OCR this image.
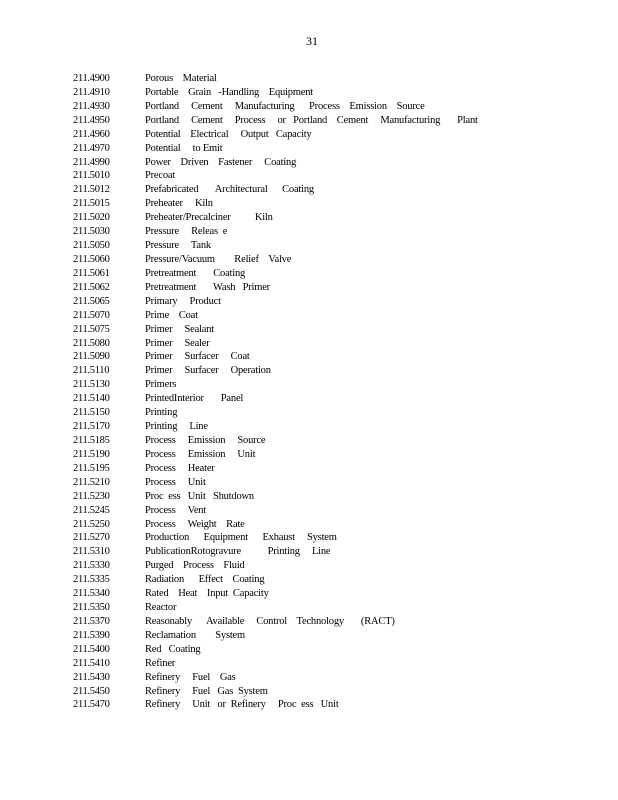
31
211.4900	Porous    Material
211.4910	Portable    Grain   -Handling    Equipment
211.4930	Portland     Cement     Manufacturing      Process    Emission    Source
211.4950	Portland     Cement     Process     or   Portland    Cement     Manufacturing       Plant
211.4960	Potential    Electrical     Output   Capacity
211.4970	Potential     to Emit
211.4990	Power    Driven    Fastener     Coating
211.5010	Precoat
211.5012	Prefabricated       Architectural      Coating
211.5015	Preheater     Kiln
211.5020	Preheater/Precalciner          Kiln
211.5030	Pressure     Releas  e
211.5050	Pressure     Tank
211.5060	Pressure/Vacuum        Relief    Valve
211.5061	Pretreatment       Coating
211.5062	Pretreatment       Wash   Primer
211.5065	Primary     Product
211.5070	Prime    Coat
211.5075	Primer     Sealant
211.5080	Primer     Sealer
211.5090	Primer     Surfacer     Coat
211.5110	Primer     Surfacer     Operation
211.5130	Primers
211.5140	PrintedInterior       Panel
211.5150	Printing
211.5170	Printing     Line
211.5185	Process     Emission     Source
211.5190	Process     Emission     Unit
211.5195	Process     Heater
211.5210	Process     Unit
211.5230	Proc  ess   Unit   Shutdown
211.5245	Process     Vent
211.5250	Process     Weight    Rate
211.5270	Production      Equipment      Exhaust     System
211.5310	PublicationRotogravure           Printing     Line
211.5330	Purged    Process    Fluid
211.5335	Radiation      Effect    Coating
211.5340	Rated    Heat    Input  Capacity
211.5350	Reactor
211.5370	Reasonably      Available     Control    Technology       (RACT)
211.5390	Reclamation        System
211.5400	Red   Coating
211.5410	Refiner
211.5430	Refinery     Fuel    Gas
211.5450	Refinery     Fuel   Gas  System
211.5470	Refinery     Unit   or  Refinery     Proc  ess   Unit
